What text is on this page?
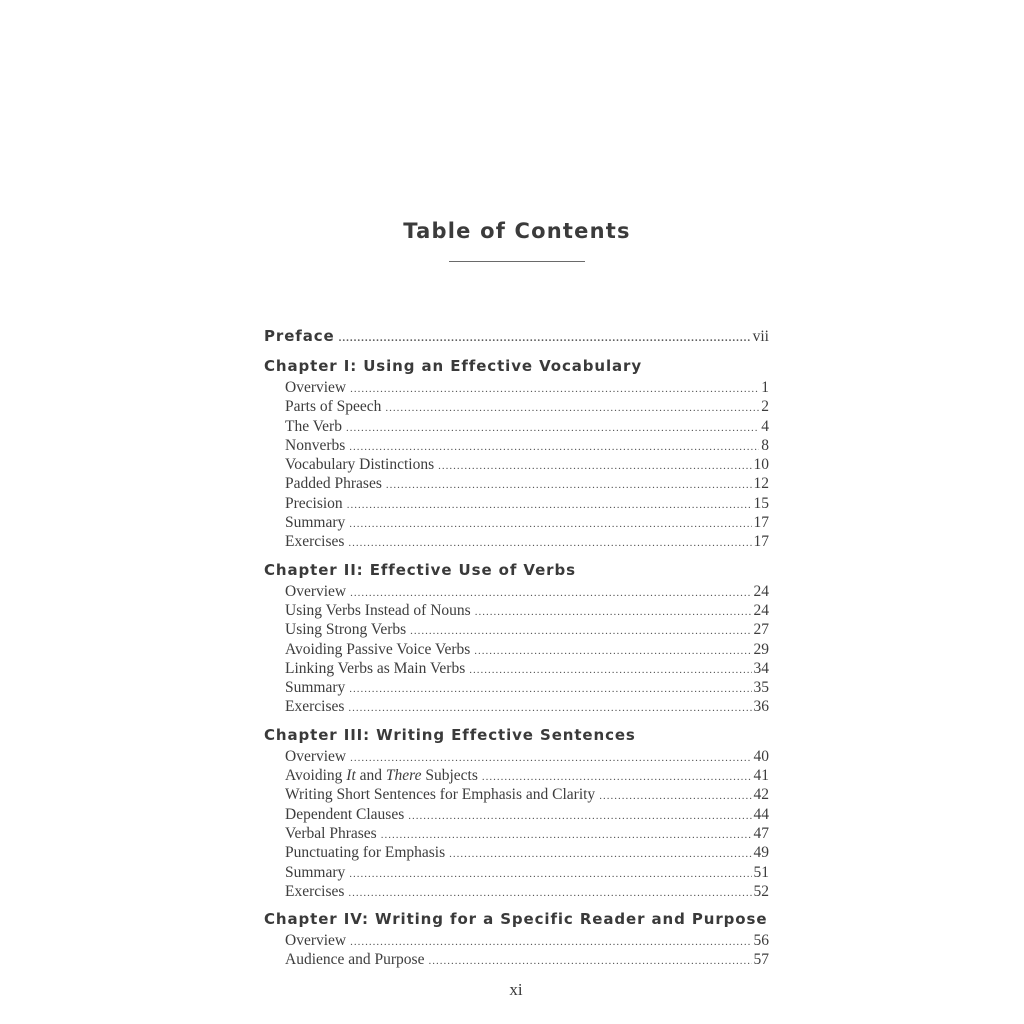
Table of Contents
Preface .....	vii
Chapter I: Using an Effective Vocabulary
Overview .....	1
Parts of Speech .....	2
The Verb .....	4
Nonverbs .....	8
Vocabulary Distinctions .....	10
Padded Phrases .....	12
Precision .....	15
Summary .....	17
Exercises .....	17
Chapter II: Effective Use of Verbs
Overview .....	24
Using Verbs Instead of Nouns .....	24
Using Strong Verbs .....	27
Avoiding Passive Voice Verbs .....	29
Linking Verbs as Main Verbs .....	34
Summary .....	35
Exercises .....	36
Chapter III: Writing Effective Sentences
Overview .....	40
Avoiding It and There Subjects .....	41
Writing Short Sentences for Emphasis and Clarity .....	42
Dependent Clauses .....	44
Verbal Phrases .....	47
Punctuating for Emphasis .....	49
Summary .....	51
Exercises .....	52
Chapter IV: Writing for a Specific Reader and Purpose
Overview .....	56
Audience and Purpose .....	57
xi
